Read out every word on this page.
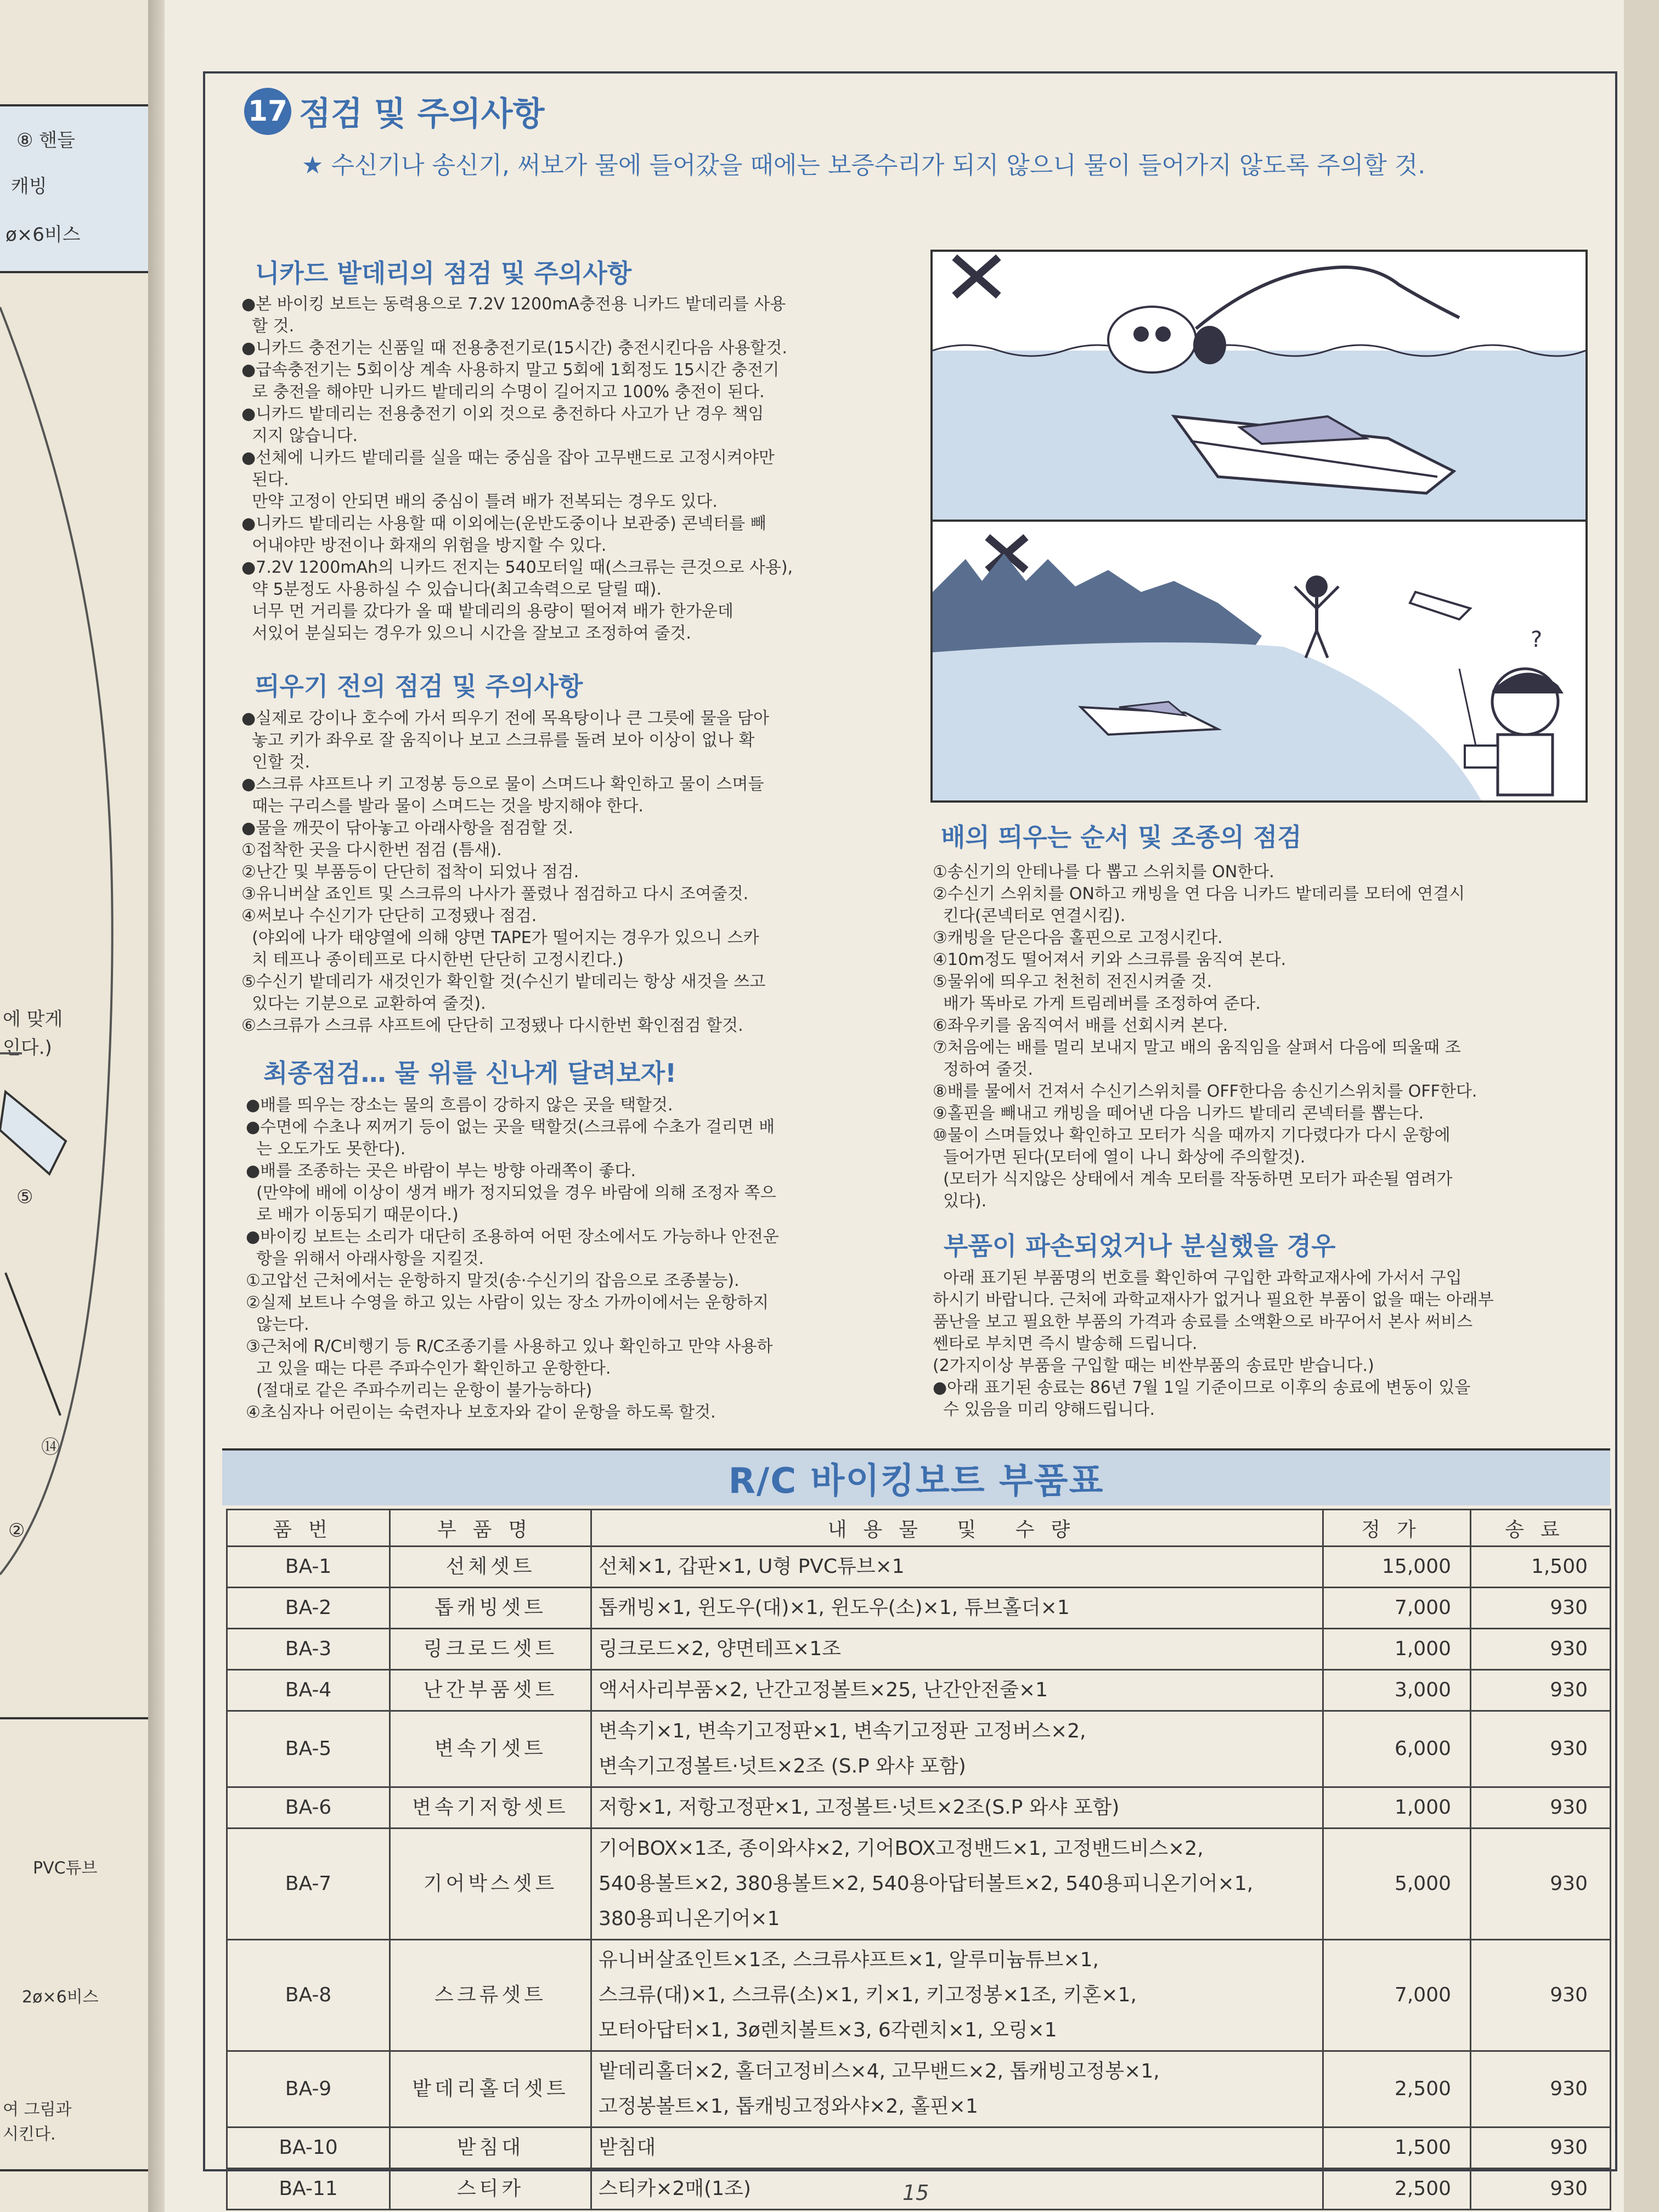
⑧ 핸들
캐빙
ø×6비스
에 맞게
인다.)
⑤
⑭
②
PVC튜브
2ø×6비스
여 그림과
시킨다.
17 점검 및 주의사항
★ 수신기나 송신기, 써보가 물에 들어갔을 때에는 보증수리가 되지 않으니 물이 들어가지 않도록 주의할 것.
니카드 밭데리의 점검 및 주의사항
●본 바이킹 보트는 동력용으로 7.2V 1200mA충전용 니카드 밭데리를 사용
할 것.
●니카드 충전기는 신품일 때 전용충전기로(15시간) 충전시킨다음 사용할것.
●급속충전기는 5회이상 계속 사용하지 말고 5회에 1회정도 15시간 충전기
로 충전을 해야만 니카드 밭데리의 수명이 길어지고 100% 충전이 된다.
●니카드 밭데리는 전용충전기 이외 것으로 충전하다 사고가 난 경우 책임
지지 않습니다.
●선체에 니카드 밭데리를 실을 때는 중심을 잡아 고무밴드로 고정시켜야만
된다.
만약 고정이 안되면 배의 중심이 틀려 배가 전복되는 경우도 있다.
●니카드 밭데리는 사용할 때 이외에는(운반도중이나 보관중) 콘넥터를 빼
어내야만 방전이나 화재의 위험을 방지할 수 있다.
●7.2V 1200mAh의 니카드 전지는 540모터일 때(스크류는 큰것으로 사용),
약 5분정도 사용하실 수 있습니다(최고속력으로 달릴 때).
너무 먼 거리를 갔다가 올 때 밭데리의 용량이 떨어져 배가 한가운데
서있어 분실되는 경우가 있으니 시간을 잘보고 조정하여 줄것.
띄우기 전의 점검 및 주의사항
●실제로 강이나 호수에 가서 띄우기 전에 목욕탕이나 큰 그릇에 물을 담아
놓고 키가 좌우로 잘 움직이나 보고 스크류를 돌려 보아 이상이 없나 확
인할 것.
●스크류 샤프트나 키 고정봉 등으로 물이 스며드나 확인하고 물이 스며들
때는 구리스를 발라 물이 스며드는 것을 방지해야 한다.
●물을 깨끗이 닦아놓고 아래사항을 점검할 것.
①접착한 곳을 다시한번 점검 (틈새).
②난간 및 부품등이 단단히 접착이 되었나 점검.
③유니버살 죠인트 및 스크류의 나사가 풀렸나 점검하고 다시 조여줄것.
④써보나 수신기가 단단히 고정됐나 점검.
(야외에 나가 태양열에 의해 양면 TAPE가 떨어지는 경우가 있으니 스카
치 테프나 종이테프로 다시한번 단단히 고정시킨다.)
⑤수신기 밭데리가 새것인가 확인할 것(수신기 밭데리는 항상 새것을 쓰고
있다는 기분으로 교환하여 줄것).
⑥스크류가 스크류 샤프트에 단단히 고정됐나 다시한번 확인점검 할것.
최종점검… 물 위를 신나게 달려보자!
●배를 띄우는 장소는 물의 흐름이 강하지 않은 곳을 택할것.
●수면에 수초나 찌꺼기 등이 없는 곳을 택할것(스크류에 수초가 걸리면 배
는 오도가도 못한다).
●배를 조종하는 곳은 바람이 부는 방향 아래쪽이 좋다.
(만약에 배에 이상이 생겨 배가 정지되었을 경우 바람에 의해 조정자 쪽으
로 배가 이동되기 때문이다.)
●바이킹 보트는 소리가 대단히 조용하여 어떤 장소에서도 가능하나 안전운
항을 위해서 아래사항을 지킬것.
①고압선 근처에서는 운항하지 말것(송·수신기의 잡음으로 조종불능).
②실제 보트나 수영을 하고 있는 사람이 있는 장소 가까이에서는 운항하지
않는다.
③근처에 R/C비행기 등 R/C조종기를 사용하고 있나 확인하고 만약 사용하
고 있을 때는 다른 주파수인가 확인하고 운항한다.
(절대로 같은 주파수끼리는 운항이 불가능하다)
④초심자나 어린이는 숙련자나 보호자와 같이 운항을 하도록 할것.
?
배의 띄우는 순서 및 조종의 점검
①송신기의 안테나를 다 뽑고 스위치를 ON한다.
②수신기 스위치를 ON하고 캐빙을 연 다음 니카드 밭데리를 모터에 연결시
킨다(콘넥터로 연결시킴).
③캐빙을 닫은다음 홀핀으로 고정시킨다.
④10m정도 떨어져서 키와 스크류를 움직여 본다.
⑤물위에 띄우고 천천히 전진시켜줄 것.
배가 똑바로 가게 트림레버를 조정하여 준다.
⑥좌우키를 움직여서 배를 선회시켜 본다.
⑦처음에는 배를 멀리 보내지 말고 배의 움직임을 살펴서 다음에 띄울때 조
정하여 줄것.
⑧배를 물에서 건져서 수신기스위치를 OFF한다음 송신기스위치를 OFF한다.
⑨홀핀을 빼내고 캐빙을 떼어낸 다음 니카드 밭데리 콘넥터를 뽑는다.
⑩물이 스며들었나 확인하고 모터가 식을 때까지 기다렸다가 다시 운항에
들어가면 된다(모터에 열이 나니 화상에 주의할것).
(모터가 식지않은 상태에서 계속 모터를 작동하면 모터가 파손될 염려가
있다).
부품이 파손되었거나 분실했을 경우
아래 표기된 부품명의 번호를 확인하여 구입한 과학교재사에 가서서 구입
하시기 바랍니다. 근처에 과학교재사가 없거나 필요한 부품이 없을 때는 아래부
품난을 보고 필요한 부품의 가격과 송료를 소액환으로 바꾸어서 본사 써비스
쎈타로 부치면 즉시 발송해 드립니다.
(2가지이상 부품을 구입할 때는 비싼부품의 송료만 받습니다.)
●아래 표기된 송료는 86년 7월 1일 기준이므로 이후의 송료에 변동이 있을
수 있음을 미리 양해드립니다.
R/C 바이킹보트 부품표
품번	부품명	내용물 및 수량	정가	송료
BA-1	선체셋트	선체×1, 갑판×1, U형 PVC튜브×1	15,000	1,500
BA-2	톱캐빙셋트	톱캐빙×1, 윈도우(대)×1, 윈도우(소)×1, 튜브홀더×1	7,000	930
BA-3	링크로드셋트	링크로드×2, 양면테프×1조	1,000	930
BA-4	난간부품셋트	액서사리부품×2, 난간고정볼트×25, 난간안전줄×1	3,000	930
BA-5	변속기셋트	변속기×1, 변속기고정판×1, 변속기고정판 고정버스×2,
변속기고정볼트·넛트×2조 (S.P 와샤 포함)	6,000	930
BA-6	변속기저항셋트	저항×1, 저항고정판×1, 고정볼트·넛트×2조(S.P 와샤 포함)	1,000	930
BA-7	기어박스셋트	기어BOX×1조, 종이와샤×2, 기어BOX고정밴드×1, 고정밴드비스×2,
540용볼트×2, 380용볼트×2, 540용아답터볼트×2, 540용피니온기어×1,
380용피니온기어×1	5,000	930
BA-8	스크류셋트	유니버살죠인트×1조, 스크류샤프트×1, 알루미늄튜브×1,
스크류(대)×1, 스크류(소)×1, 키×1, 키고정봉×1조, 키혼×1,
모터아답터×1, 3ø렌치볼트×3, 6각렌치×1, 오링×1	7,000	930
BA-9	밭데리홀더셋트	밭데리홀더×2, 홀더고정비스×4, 고무밴드×2, 톱캐빙고정봉×1,
고정봉볼트×1, 톱캐빙고정와샤×2, 홀핀×1	2,500	930
BA-10	받침대	받침대	1,500	930
BA-11	스티카	스티카×2매(1조)	2,500	930
15
